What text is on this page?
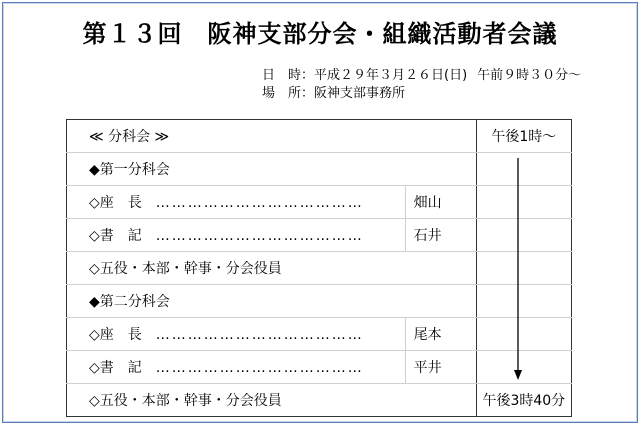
第１３回　阪神支部分会・組織活動者会議
日　時：平成２９年３月２６日(日) 午前９時３０分〜
場　所：阪神支部事務所
≪ 分科会 ≫		午後1時〜
◆第一分科会		
◇座　長 …………………………………	畑山	
◇書　記 …………………………………	石井	
◇五役・本部・幹事・分会役員		
◆第二分科会		
◇座　長 …………………………………	尾本	
◇書　記 …………………………………	平井	
◇五役・本部・幹事・分会役員		午後3時40分
